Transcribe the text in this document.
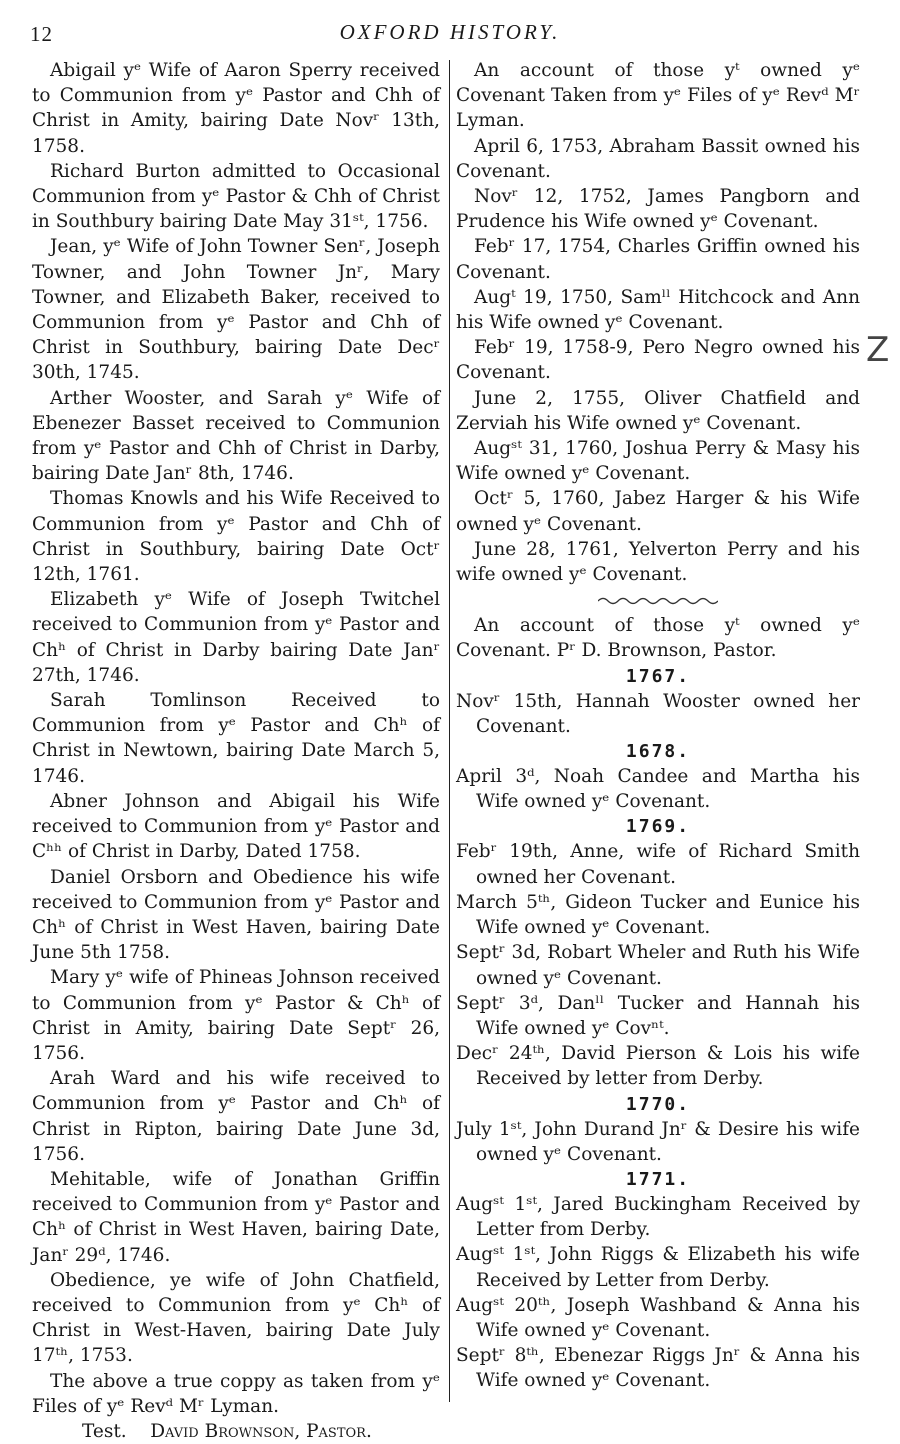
12	OXFORD HISTORY.

Abigail yᵉ Wife of Aaron Sperry received to Communion from yᵉ Pastor and Chh of Christ in Amity, bairing Date Novʳ 13th, 1758.

Richard Burton admitted to Occasional Communion from yᵉ Pastor & Chh of Christ in Southbury bairing Date May 31ˢᵗ, 1756.

Jean, yᵉ Wife of John Towner Senʳ, Joseph Towner, and John Towner Jnʳ, Mary Towner, and Elizabeth Baker, received to Communion from yᵉ Pastor and Chh of Christ in Southbury, bairing Date Decʳ 30th, 1745.

Arther Wooster, and Sarah yᵉ Wife of Ebenezer Basset received to Communion from yᵉ Pastor and Chh of Christ in Darby, bairing Date Janʳ 8th, 1746.

Thomas Knowls and his Wife Received to Communion from yᵉ Pastor and Chh of Christ in Southbury, bairing Date Octʳ 12th, 1761.

Elizabeth yᵉ Wife of Joseph Twitchel received to Communion from yᵉ Pastor and Chʰ of Christ in Darby bairing Date Janʳ 27th, 1746.

Sarah Tomlinson Received to Communion from yᵉ Pastor and Chʰ of Christ in Newtown, bairing Date March 5, 1746.

Abner Johnson and Abigail his Wife received to Communion from yᵉ Pastor and Cʰʰ of Christ in Darby, Dated 1758.

Daniel Orsborn and Obedience his wife received to Communion from yᵉ Pastor and Chʰ of Christ in West Haven, bairing Date June 5th 1758.

Mary yᵉ wife of Phineas Johnson received to Communion from yᵉ Pastor & Chʰ of Christ in Amity, bairing Date Septʳ 26, 1756.

Arah Ward and his wife received to Communion from yᵉ Pastor and Chʰ of Christ in Ripton, bairing Date June 3d, 1756.

Mehitable, wife of Jonathan Griffin received to Communion from yᵉ Pastor and Chʰ of Christ in West Haven, bairing Date, Janʳ 29ᵈ, 1746.

Obedience, ye wife of John Chatfield, received to Communion from yᵉ Chʰ of Christ in West-Haven, bairing Date July 17ᵗʰ, 1753.

The above a true coppy as taken from yᵉ Files of yᵉ Revᵈ Mʳ Lyman.

Test. David Brownson, Pastor.

An account of those yᵗ owned yᵉ Covenant Taken from yᵉ Files of yᵉ Revᵈ Mʳ Lyman.

April 6, 1753, Abraham Bassit owned his Covenant.

Novʳ 12, 1752, James Pangborn and Prudence his Wife owned yᵉ Covenant.

Febʳ 17, 1754, Charles Griffin owned his Covenant.

Augᵗ 19, 1750, Samˡˡ Hitchcock and Ann his Wife owned yᵉ Covenant.

Febʳ 19, 1758-9, Pero Negro owned his Covenant.

June 2, 1755, Oliver Chatfield and Zerviah his Wife owned yᵉ Covenant.

Augˢᵗ 31, 1760, Joshua Perry & Masy his Wife owned yᵉ Covenant.

Octʳ 5, 1760, Jabez Harger & his Wife owned yᵉ Covenant.

June 28, 1761, Yelverton Perry and his wife owned yᵉ Covenant.

An account of those yᵗ owned yᵉ Covenant. Pʳ D. Brownson, Pastor.

1767.

Novʳ 15th, Hannah Wooster owned her Covenant.

1678.

April 3ᵈ, Noah Candee and Martha his Wife owned yᵉ Covenant.

1769.

Febʳ 19th, Anne, wife of Richard Smith owned her Covenant.

March 5ᵗʰ, Gideon Tucker and Eunice his Wife owned yᵉ Covenant.

Septʳ 3d, Robart Wheler and Ruth his Wife owned yᵉ Covenant.

Septʳ 3ᵈ, Danˡˡ Tucker and Hannah his Wife owned yᵉ Covⁿᵗ.

Decʳ 24ᵗʰ, David Pierson & Lois his wife Received by letter from Derby.

1770.

July 1ˢᵗ, John Durand Jnʳ & Desire his wife owned yᵉ Covenant.

1771.

Augˢᵗ 1ˢᵗ, Jared Buckingham Received by Letter from Derby.

Augˢᵗ 1ˢᵗ, John Riggs & Elizabeth his wife Received by Letter from Derby.

Augˢᵗ 20ᵗʰ, Joseph Washband & Anna his Wife owned yᵉ Covenant.

Septʳ 8ᵗʰ, Ebenezar Riggs Jnʳ & Anna his Wife owned yᵉ Covenant.

Z
